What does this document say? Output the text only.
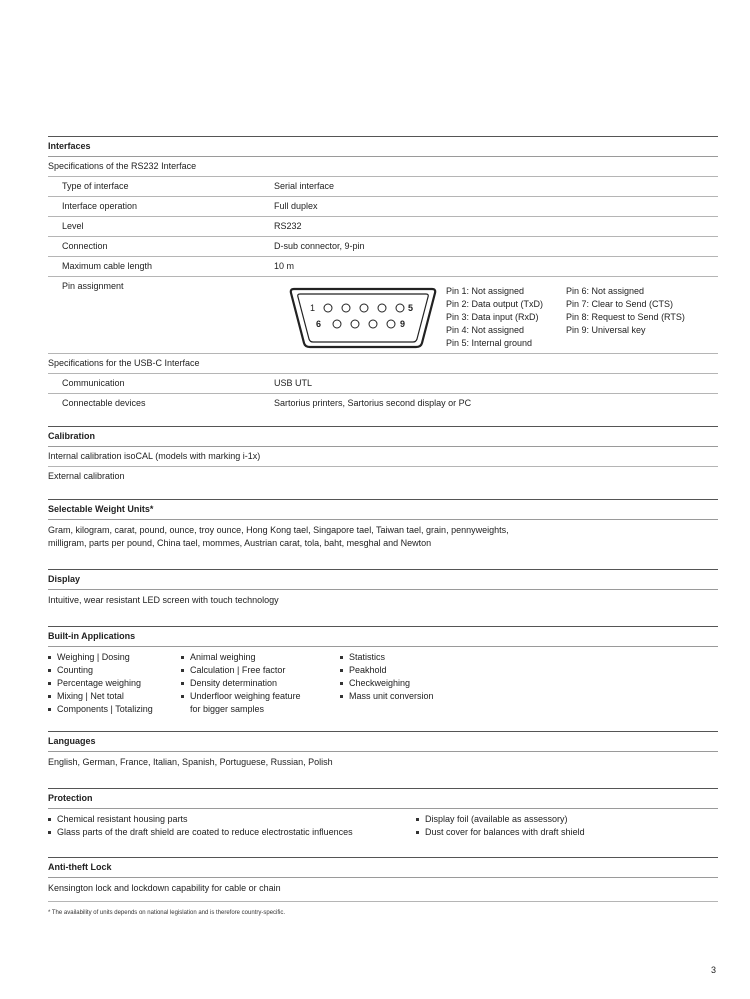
Interfaces
Specifications of the RS232 Interface
Type of interface	Serial interface
Interface operation	Full duplex
Level	RS232
Connection	D-sub connector, 9-pin
Maximum cable length	10 m
Pin assignment
1	5
6	9
Pin 1: Not assigned
Pin 2: Data output (TxD)
Pin 3: Data input (RxD)
Pin 4: Not assigned
Pin 5: Internal ground
Pin 6: Not assigned
Pin 7: Clear to Send (CTS)
Pin 8: Request to Send (RTS)
Pin 9: Universal key
Specifications for the USB-C Interface
Communication	USB UTL
Connectable devices	Sartorius printers, Sartorius second display or PC
Calibration
Internal calibration isoCAL (models with marking i-1x)
External calibration
Selectable Weight Units*
Gram, kilogram, carat, pound, ounce, troy ounce, Hong Kong tael, Singapore tael, Taiwan tael, grain, pennyweights,
milligram, parts per pound, China tael, mommes, Austrian carat, tola, baht, mesghal and Newton
Display
Intuitive, wear resistant LED screen with touch technology
Built-in Applications
Weighing | Dosing
Counting
Percentage weighing
Mixing | Net total
Components | Totalizing
Animal weighing
Calculation | Free factor
Density determination
Underfloor weighing feature
for bigger samples
Statistics
Peakhold
Checkweighing
Mass unit conversion
Languages
English, German, France, Italian, Spanish, Portuguese, Russian, Polish
Protection
Chemical resistant housing parts
Glass parts of the draft shield are coated to reduce electrostatic influences
Display foil (available as assessory)
Dust cover for balances with draft shield
Anti-theft Lock
Kensington lock and lockdown capability for cable or chain
* The availability of units depends on national legislation and is therefore country-specific.
3
